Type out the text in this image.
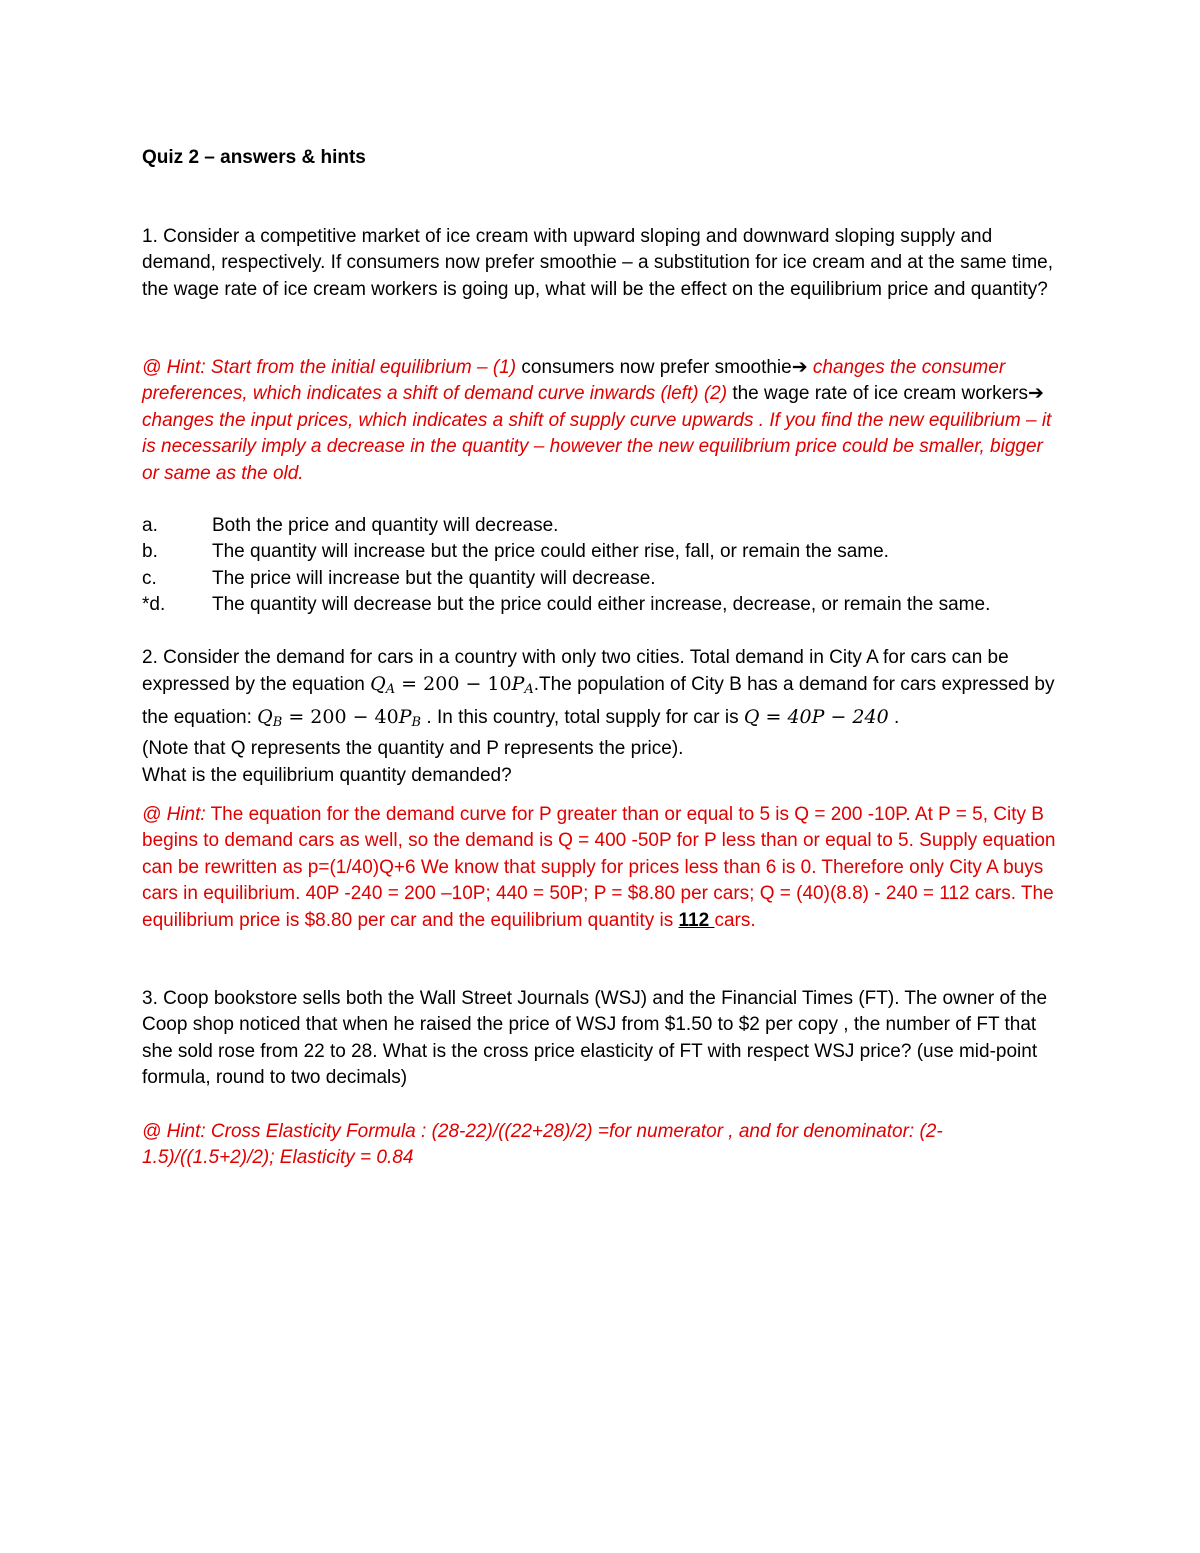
Quiz 2 – answers & hints

1. Consider a competitive market of ice cream with upward sloping and downward sloping supply and demand, respectively. If consumers now prefer smoothie – a substitution for ice cream and at the same time, the wage rate of ice cream workers is going up, what will be the effect on the equilibrium price and quantity?

@ Hint: Start from the initial equilibrium – (1) consumers now prefer smoothie➔ changes the consumer preferences, which indicates a shift of demand curve inwards (left) (2) the wage rate of ice cream workers➔ changes the input prices, which indicates a shift of supply curve upwards . If you find the new equilibrium – it is necessarily imply a decrease in the quantity – however the new equilibrium price could be smaller, bigger or same as the old.

a.	Both the price and quantity will decrease.
b.	The quantity will increase but the price could either rise, fall, or remain the same.
c.	The price will increase but the quantity will decrease.
*d.	The quantity will decrease but the price could either increase, decrease, or remain the same.

2. Consider the demand for cars in a country with only two cities. Total demand in City A for cars can be expressed by the equation $Q_A = 200 - 10P_A.The$ population of City B has a demand for cars expressed by the equation: $Q_B = 200 - 40P_B$ . In this country, total supply for car is Q = 40P − 240 .
(Note that Q represents the quantity and P represents the price).
What is the equilibrium quantity demanded?

@ Hint: The equation for the demand curve for P greater than or equal to 5 is Q = 200 -10P. At P = 5, City B begins to demand cars as well, so the demand is Q = 400 -50P for P less than or equal to 5. Supply equation can be rewritten as p=(1/40)Q+6 We know that supply for prices less than 6 is 0. Therefore only City A buys cars in equilibrium. 40P -240 = 200 –10P; 440 = 50P; P = $8.80 per cars; Q = (40)(8.8) - 240 = 112 cars. The equilibrium price is $8.80 per car and the equilibrium quantity is 112 cars.

3. Coop bookstore sells both the Wall Street Journals (WSJ) and the Financial Times (FT). The owner of the Coop shop noticed that when he raised the price of WSJ from $1.50 to $2 per copy , the number of FT that she sold rose from 22 to 28. What is the cross price elasticity of FT with respect WSJ price? (use mid-point formula, round to two decimals)

@ Hint: Cross Elasticity Formula : (28-22)/((22+28)/2) =for numerator , and for denominator: (2-1.5)/((1.5+2)/2); Elasticity = 0.84
